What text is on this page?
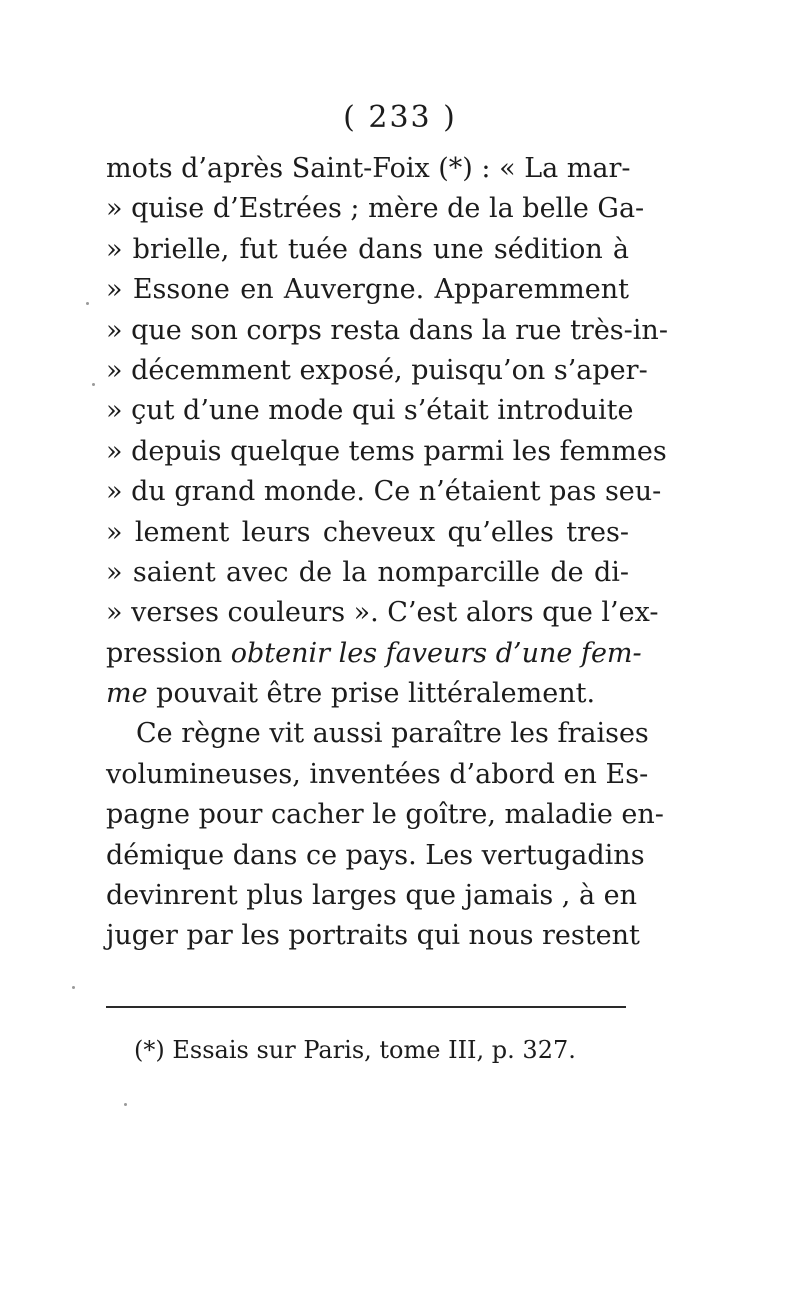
( 233 )
mots d’après Saint-Foix (*) : « La mar-
» quise d’Estrées ; mère de la belle Ga-
» brielle, fut tuée dans une sédition à
» Essone en Auvergne. Apparemment
» que son corps resta dans la rue très-in-
» décemment exposé, puisqu’on s’aper-
» çut d’une mode qui s’était introduite
» depuis quelque tems parmi les femmes
» du grand monde. Ce n’étaient pas seu-
» lement leurs cheveux qu’elles tres-
» saient avec de la nomparcille de di-
» verses couleurs ». C’est alors que l’ex-
pression obtenir les faveurs d’une fem-
me pouvait être prise littéralement.
Ce règne vit aussi paraître les fraises
volumineuses, inventées d’abord en Es-
pagne pour cacher le goître, maladie en-
démique dans ce pays. Les vertugadins
devinrent plus larges que jamais , à en
juger par les portraits qui nous restent
(*) Essais sur Paris, tome III, p. 327.
